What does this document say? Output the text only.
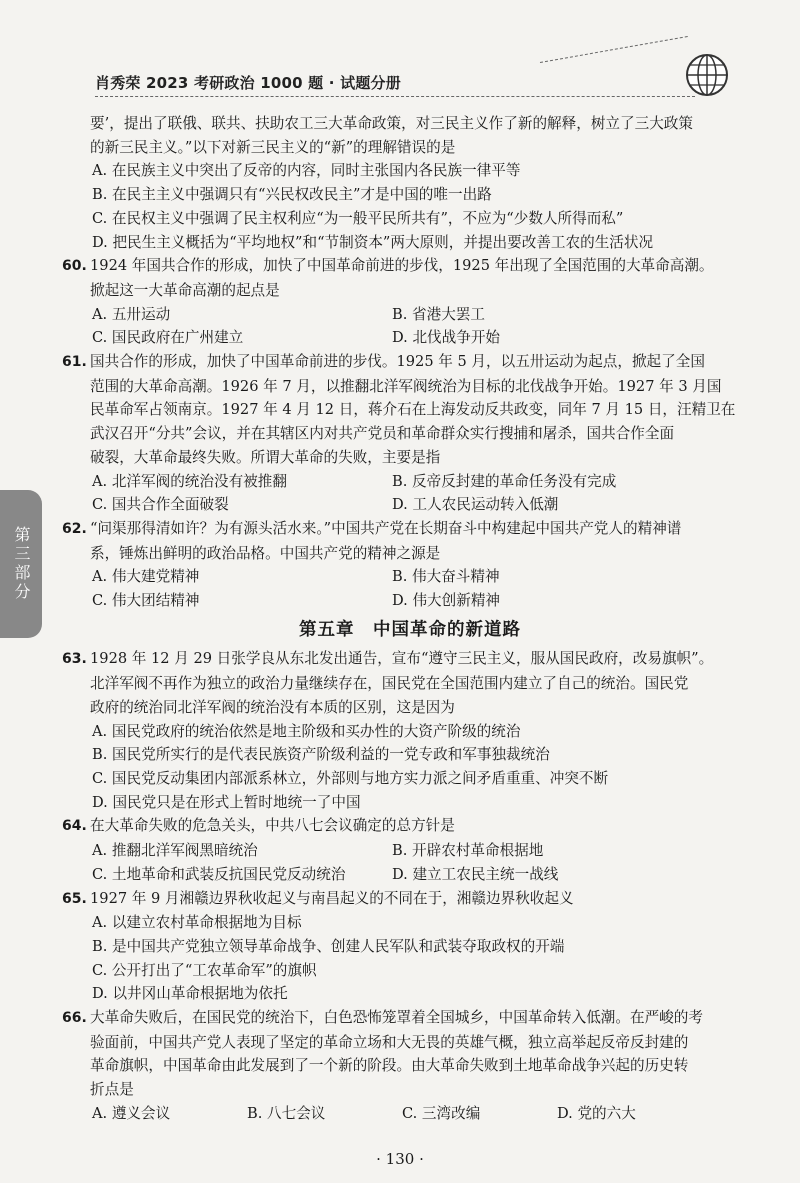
肖秀荣 2023 考研政治 1000 题 · 试题分册
第三部分
要’，提出了联俄、联共、扶助农工三大革命政策，对三民主义作了新的解释，树立了三大政策
的新三民主义。”以下对新三民主义的“新”的理解错误的是
A. 在民族主义中突出了反帝的内容，同时主张国内各民族一律平等
B. 在民主主义中强调只有“兴民权改民主”才是中国的唯一出路
C. 在民权主义中强调了民主权利应“为一般平民所共有”，不应为“少数人所得而私”
D. 把民生主义概括为“平均地权”和“节制资本”两大原则，并提出要改善工农的生活状况
60. 1924 年国共合作的形成，加快了中国革命前进的步伐，1925 年出现了全国范围的大革命高潮。
掀起这一大革命高潮的起点是
A. 五卅运动	B. 省港大罢工
C. 国民政府在广州建立	D. 北伐战争开始
61. 国共合作的形成，加快了中国革命前进的步伐。1925 年 5 月，以五卅运动为起点，掀起了全国
范围的大革命高潮。1926 年 7 月，以推翻北洋军阀统治为目标的北伐战争开始。1927 年 3 月国
民革命军占领南京。1927 年 4 月 12 日，蒋介石在上海发动反共政变，同年 7 月 15 日，汪精卫在
武汉召开“分共”会议，并在其辖区内对共产党员和革命群众实行搜捕和屠杀，国共合作全面
破裂，大革命最终失败。所谓大革命的失败，主要是指
A. 北洋军阀的统治没有被推翻	B. 反帝反封建的革命任务没有完成
C. 国共合作全面破裂	D. 工人农民运动转入低潮
62. “问渠那得清如许？为有源头活水来。”中国共产党在长期奋斗中构建起中国共产党人的精神谱
系，锤炼出鲜明的政治品格。中国共产党的精神之源是
A. 伟大建党精神	B. 伟大奋斗精神
C. 伟大团结精神	D. 伟大创新精神
第五章　中国革命的新道路
63. 1928 年 12 月 29 日张学良从东北发出通告，宣布“遵守三民主义，服从国民政府，改易旗帜”。
北洋军阀不再作为独立的政治力量继续存在，国民党在全国范围内建立了自己的统治。国民党
政府的统治同北洋军阀的统治没有本质的区别，这是因为
A. 国民党政府的统治依然是地主阶级和买办性的大资产阶级的统治
B. 国民党所实行的是代表民族资产阶级利益的一党专政和军事独裁统治
C. 国民党反动集团内部派系林立，外部则与地方实力派之间矛盾重重、冲突不断
D. 国民党只是在形式上暂时地统一了中国
64. 在大革命失败的危急关头，中共八七会议确定的总方针是
A. 推翻北洋军阀黑暗统治	B. 开辟农村革命根据地
C. 土地革命和武装反抗国民党反动统治	D. 建立工农民主统一战线
65. 1927 年 9 月湘赣边界秋收起义与南昌起义的不同在于，湘赣边界秋收起义
A. 以建立农村革命根据地为目标
B. 是中国共产党独立领导革命战争、创建人民军队和武装夺取政权的开端
C. 公开打出了“工农革命军”的旗帜
D. 以井冈山革命根据地为依托
66. 大革命失败后，在国民党的统治下，白色恐怖笼罩着全国城乡，中国革命转入低潮。在严峻的考
验面前，中国共产党人表现了坚定的革命立场和大无畏的英雄气概，独立高举起反帝反封建的
革命旗帜，中国革命由此发展到了一个新的阶段。由大革命失败到土地革命战争兴起的历史转
折点是
A. 遵义会议	B. 八七会议	C. 三湾改编	D. 党的六大
· 130 ·
